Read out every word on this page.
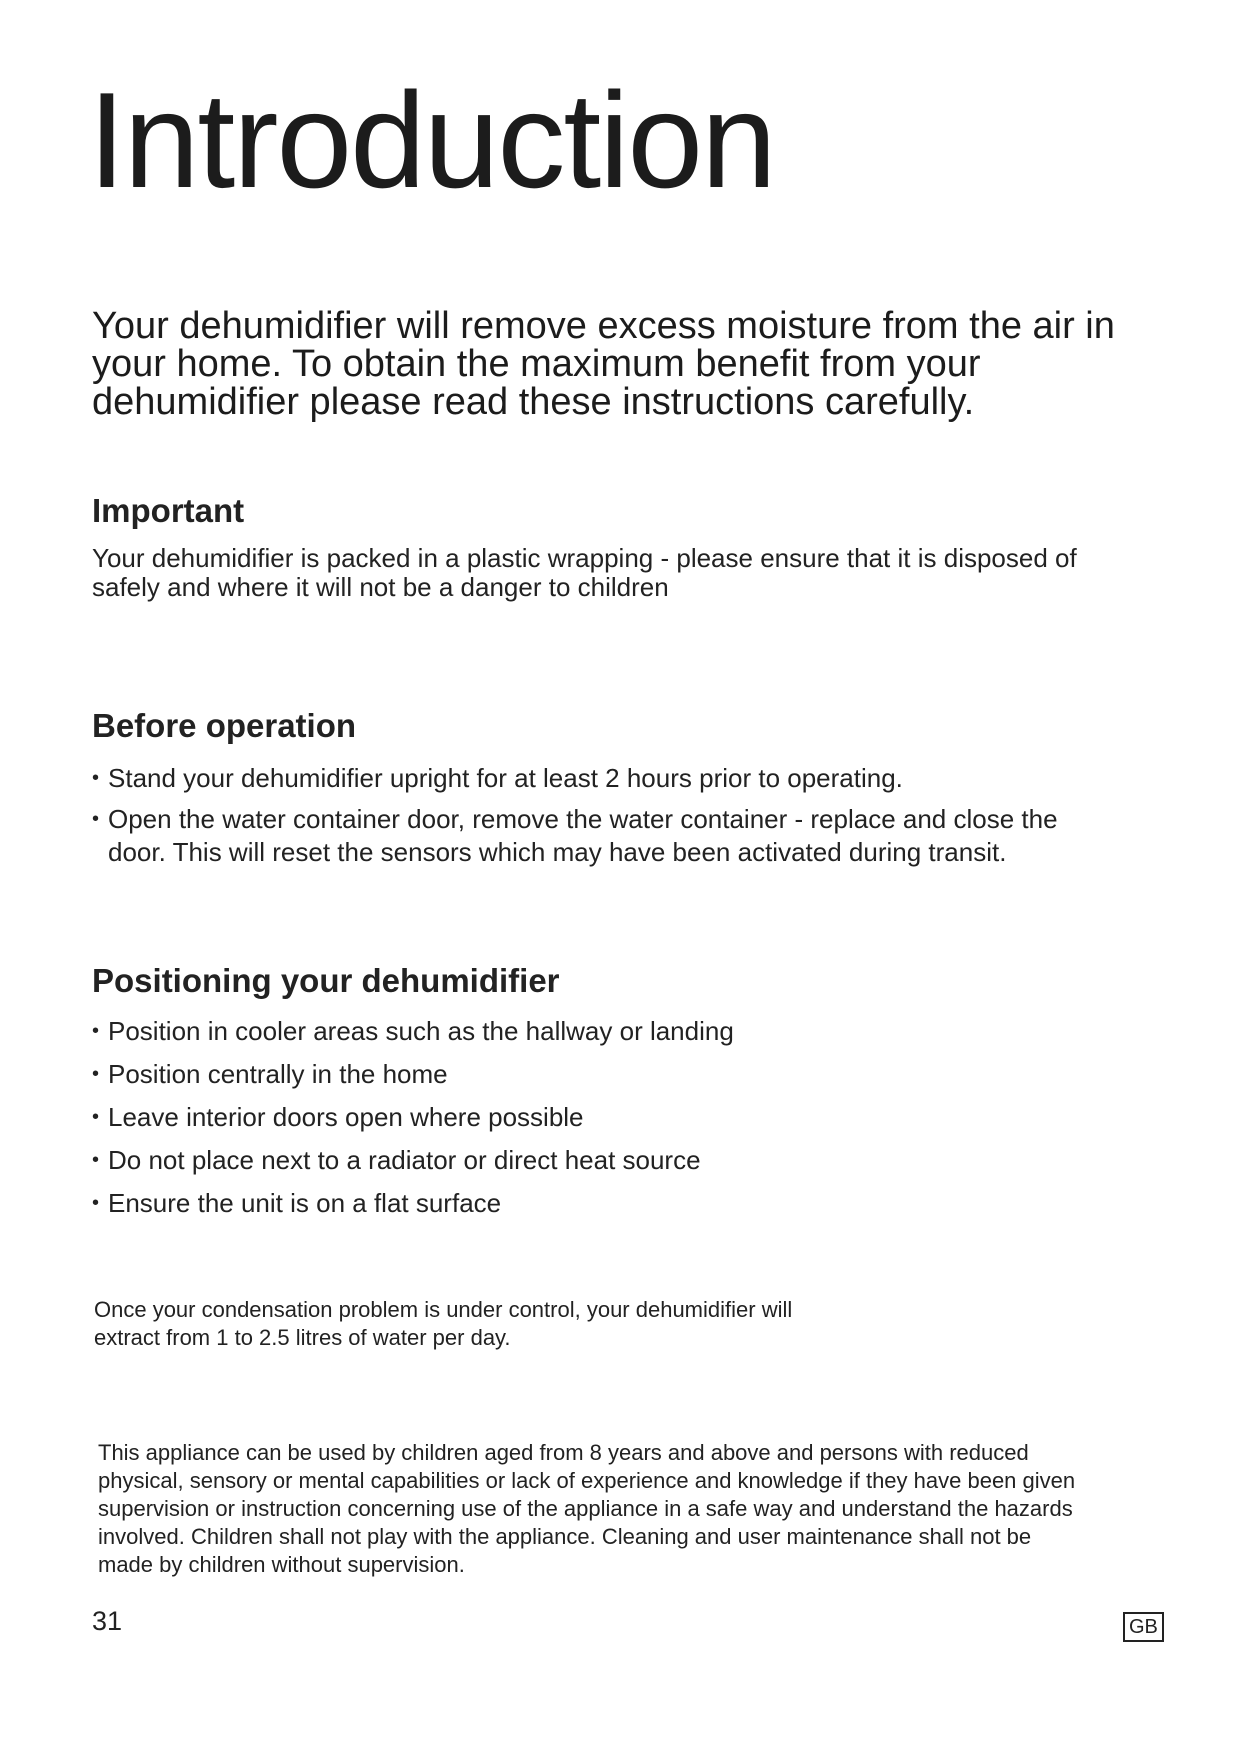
Introduction
Your dehumidifier will remove excess moisture from the air in
your home. To obtain the maximum benefit from your
dehumidifier please read these instructions carefully.
Important
Your dehumidifier is packed in a plastic wrapping - please ensure that it is disposed of
safely and where it will not be a danger to children
Before operation
• Stand your dehumidifier upright for at least 2 hours prior to operating.
• Open the water container door, remove the water container - replace and close the
door. This will reset the sensors which may have been activated during transit.
Positioning your dehumidifier
• Position in cooler areas such as the hallway or landing
• Position centrally in the home
• Leave interior doors open where possible
• Do not place next to a radiator or direct heat source
• Ensure the unit is on a flat surface
Once your condensation problem is under control, your dehumidifier will
extract from 1 to 2.5 litres of water per day.
This appliance can be used by children aged from 8 years and above and persons with reduced
physical, sensory or mental capabilities or lack of experience and knowledge if they have been given
supervision or instruction concerning use of the appliance in a safe way and understand the hazards
involved. Children shall not play with the appliance. Cleaning and user maintenance shall not be
made by children without supervision.
31	GB
